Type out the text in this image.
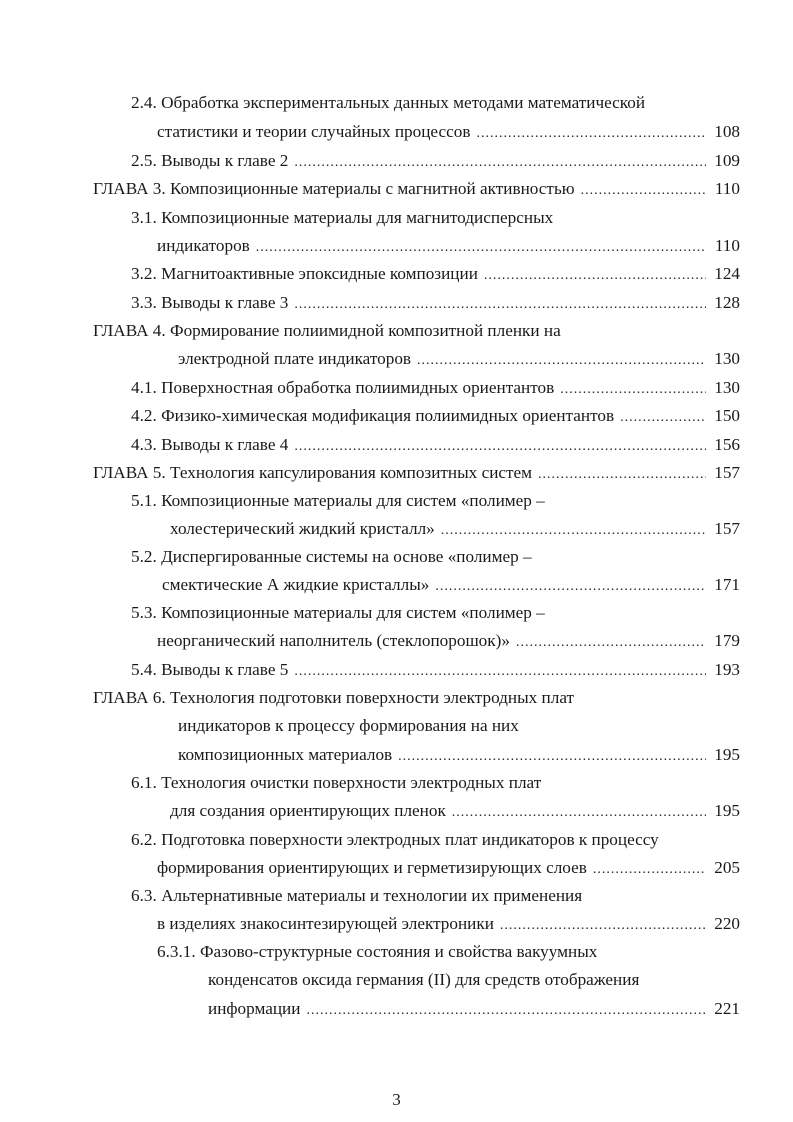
2.4. Обработка экспериментальных данных методами математической
статистики и теории случайных процессов .....	108
2.5. Выводы к главе 2 .....	109
ГЛАВА 3. Композиционные материалы с магнитной активностью .....	110
3.1. Композиционные материалы для магнитодисперсных
индикаторов .....	110
3.2. Магнитоактивные эпоксидные композиции .....	124
3.3. Выводы к главе 3 .....	128
ГЛАВА 4. Формирование полиимидной композитной пленки на
электродной плате индикаторов .....	130
4.1. Поверхностная обработка полиимидных ориентантов .....	130
4.2. Физико-химическая модификация полиимидных ориентантов .....	150
4.3. Выводы к главе 4 .....	156
ГЛАВА 5. Технология капсулирования композитных систем .....	157
5.1. Композиционные материалы для систем «полимер –
холестерический жидкий кристалл» .....	157
5.2. Диспергированные системы на основе «полимер –
смектические А жидкие кристаллы» .....	171
5.3. Композиционные материалы для систем «полимер –
неорганический наполнитель (стеклопорошок)» .....	179
5.4. Выводы к главе 5 .....	193
ГЛАВА 6. Технология подготовки поверхности электродных плат
индикаторов к процессу формирования на них
композиционных материалов .....	195
6.1. Технология очистки поверхности электродных плат
для создания ориентирующих пленок .....	195
6.2. Подготовка поверхности электродных плат индикаторов к процессу
формирования ориентирующих и герметизирующих слоев .....	205
6.3. Альтернативные материалы и технологии их применения
в изделиях знакосинтезирующей электроники .....	220
6.3.1. Фазово-структурные состояния и свойства вакуумных
конденсатов оксида германия (II) для средств отображения
информации .....	221
3
